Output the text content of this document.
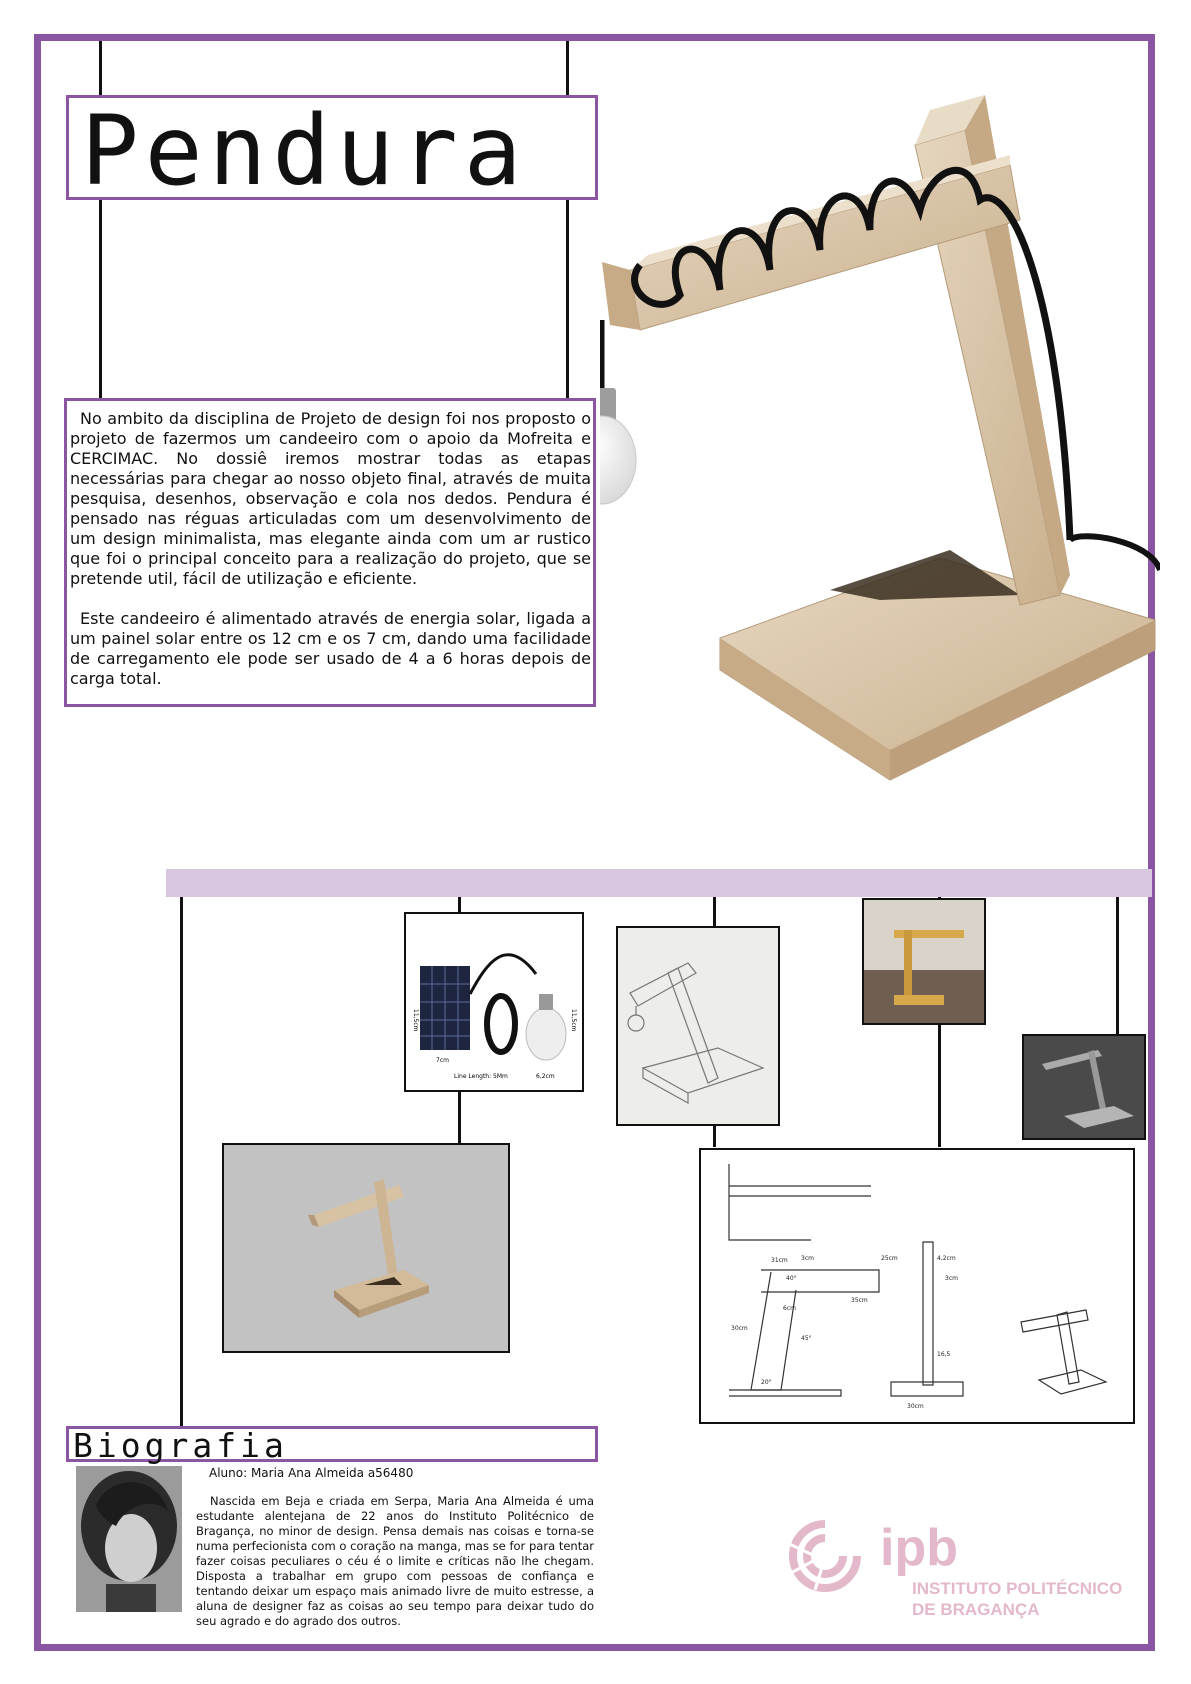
Pendura

No ambito da disciplina de Projeto de design foi nos proposto o projeto de fazermos um candeeiro com o apoio da Mofreita e CERCIMAC. No dossiê iremos mostrar todas as etapas necessárias para chegar ao nosso objeto final, através de muita pesquisa, desenhos, observação e cola nos dedos. Pendura é pensado nas réguas articuladas com um desenvolvimento de um design minimalista, mas elegante ainda com um ar rustico que foi o principal conceito para a realização do projeto, que se pretende util, fácil de utilização e eficiente.

Este candeeiro é alimentado através de energia solar, ligada a um painel solar entre os 12 cm e os 7 cm, dando uma facilidade de carregamento ele pode ser usado de 4 a 6 horas depois de carga total.

11,5cm
7cm
Line Length: 5Mm
11,5cm
6,2cm
31cm
40°
35cm
6cm
20°
3cm
30cm
45°
25cm
16,5
4,2cm
3cm
30cm
Biografia
Aluno: Maria Ana Almeida a56480

Nascida em Beja e criada em Serpa, Maria Ana Almeida é uma estudante alentejana de 22 anos do Instituto Politécnico de Bragança, no minor de design. Pensa demais nas coisas e torna-se numa perfecionista com o coração na manga, mas se for para tentar fazer coisas peculiares o céu é o limite e críticas não lhe chegam. Disposta a trabalhar em grupo com pessoas de confiança e tentando deixar um espaço mais animado livre de muito estresse, a aluna de designer faz as coisas ao seu tempo para deixar tudo do seu agrado e do agrado dos outros.

ipb
INSTITUTO POLITÉCNICO
DE BRAGANÇA
